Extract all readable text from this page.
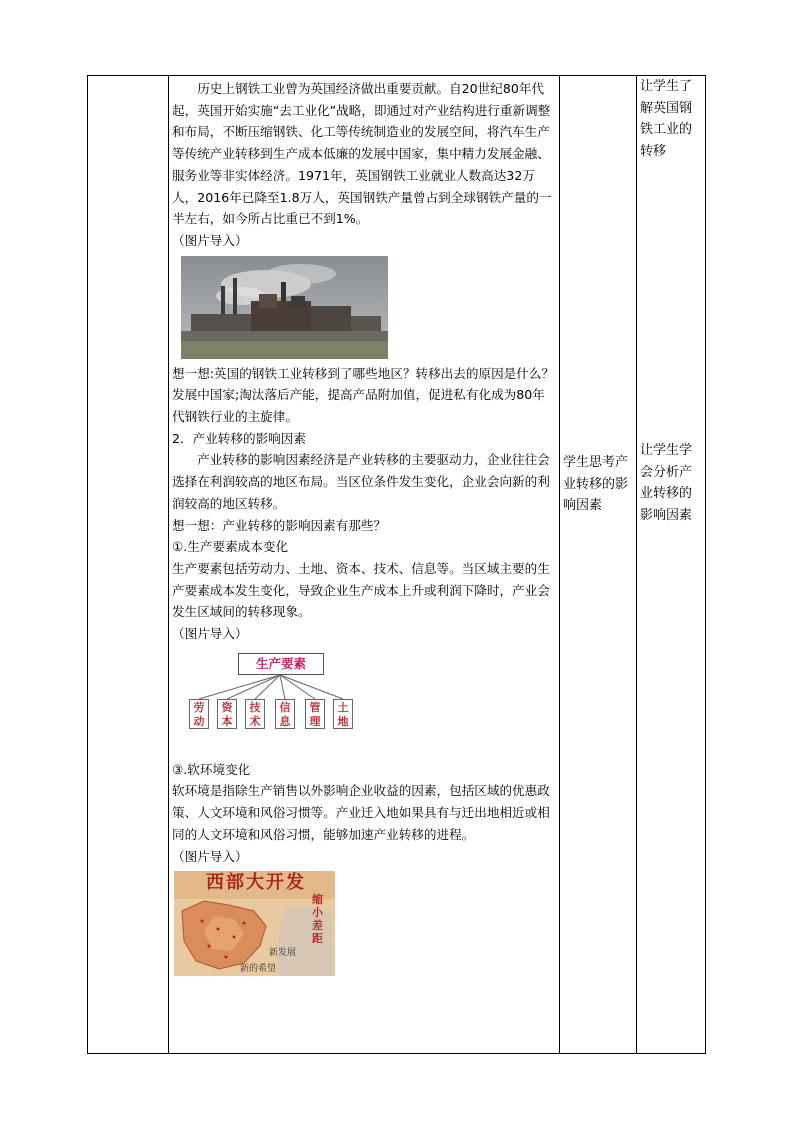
历史上钢铁工业曾为英国经济做出重要贡献。自20世纪80年代起，英国开始实施“去工业化”战略，即通过对产业结构进行重新调整和布局，不断压缩钢铁、化工等传统制造业的发展空间，将汽车生产等传统产业转移到生产成本低廉的发展中国家，集中精力发展金融、服务业等非实体经济。1971年，英国钢铁工业就业人数高达32万人，2016年已降至1.8万人，英国钢铁产量曾占到全球钢铁产量的一半左右，如今所占比重已不到1%。

（图片导入）

想一想:英国的钢铁工业转移到了哪些地区？转移出去的原因是什么？

发展中国家;淘汰落后产能，提高产品附加值，促进私有化成为80年代钢铁行业的主旋律。

2．产业转移的影响因素

产业转移的影响因素经济是产业转移的主要驱动力，企业往往会选择在利润较高的地区布局。当区位条件发生变化，企业会向新的利润较高的地区转移。

想一想：产业转移的影响因素有那些？

①.生产要素成本变化

生产要素包括劳动力、土地、资本、技术、信息等。当区域主要的生产要素成本发生变化，导致企业生产成本上升或利润下降时，产业会发生区域间的转移现象。

（图片导入）

生产要素
劳动
资本
技术
信息
管理
土地

③.软环境变化

软环境是指除生产销售以外影响企业收益的因素，包括区域的优惠政策、人文环境和风俗习惯等。产业迁入地如果具有与迁出地相近或相同的人文环境和风俗习惯，能够加速产业转移的进程。

（图片导入）

西部大开发
缩小差距
新发展
新的希望
学生思考产业转移的影响因素
让学生了解英国钢铁工业的转移
让学生学会分析产业转移的影响因素
